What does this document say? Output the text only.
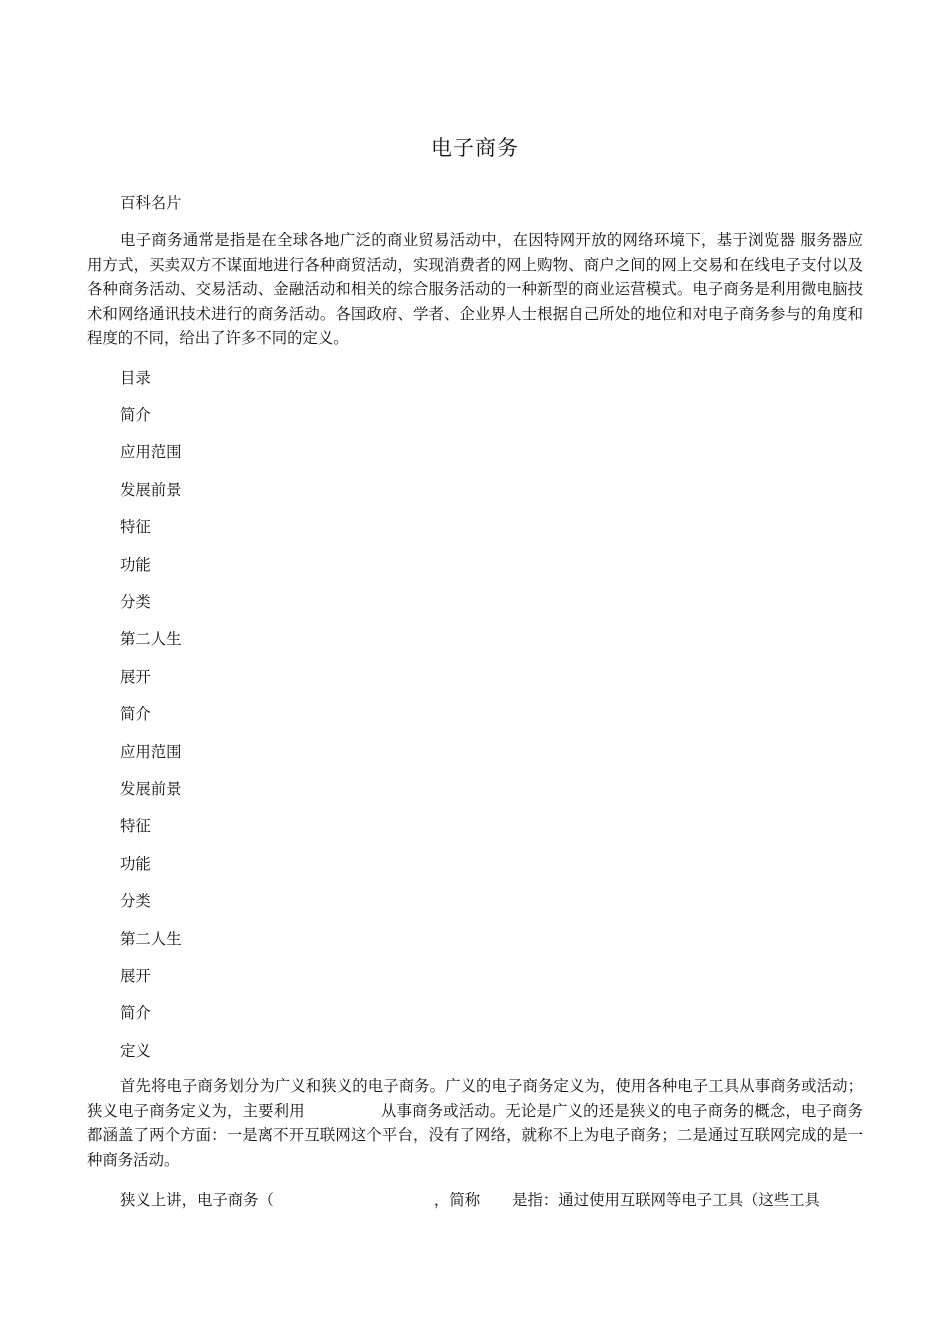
电子商务

百科名片

电子商务通常是指是在全球各地广泛的商业贸易活动中，在因特网开放的网络环境下，基于浏览器 服务器应用方式，买卖双方不谋面地进行各种商贸活动，实现消费者的网上购物、商户之间的网上交易和在线电子支付以及各种商务活动、交易活动、金融活动和相关的综合服务活动的一种新型的商业运营模式。电子商务是利用微电脑技术和网络通讯技术进行的商务活动。各国政府、学者、企业界人士根据自己所处的地位和对电子商务参与的角度和程度的不同，给出了许多不同的定义。

目录

简介

应用范围

发展前景

特征

功能

分类

第二人生

展开

简介

应用范围

发展前景

特征

功能

分类

第二人生

展开

简介

定义

首先将电子商务划分为广义和狭义的电子商务。广义的电子商务定义为，使用各种电子工具从事商务或活动；狭义电子商务定义为，主要利用	从事商务或活动。无论是广义的还是狭义的电子商务的概念，电子商务都涵盖了两个方面：一是离不开互联网这个平台，没有了网络，就称不上为电子商务；二是通过互联网完成的是一种商务活动。

狭义上讲，电子商务（	，简称 是指：通过使用互联网等电子工具（这些工具
